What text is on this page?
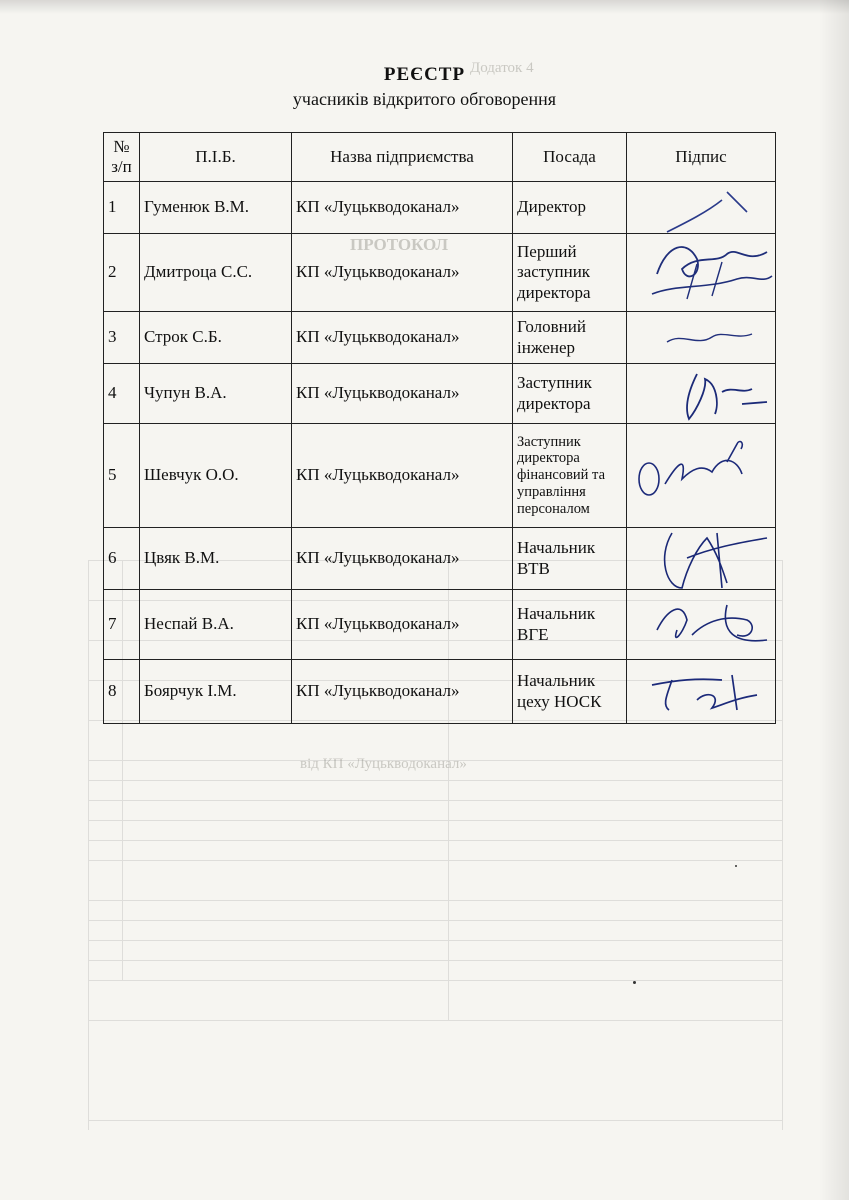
Додаток 4
ПРОТОКОЛ
від КП «Луцькводоканал»
РЕЄСТР
учасників відкритого обговорення
№ з/п	П.І.Б.	Назва підприємства	Посада	Підпис
1	Гуменюк В.М.	КП «Луцькводоканал»	Директор	

2	Дмитроца С.С.	КП «Луцькводоканал»	Перший заступник директора	

3	Строк С.Б.	КП «Луцькводоканал»	Головний інженер	

4	Чупун В.А.	КП «Луцькводоканал»	Заступник директора	

5	Шевчук О.О.	КП «Луцькводоканал»	Заступник директора фінансовий та управління персоналом	

6	Цвяк В.М.	КП «Луцькводоканал»	Начальник ВТВ	

7	Неспай В.А.	КП «Луцькводоканал»	Начальник ВГЕ	

8	Боярчук І.М.	КП «Луцькводоканал»	Начальник цеху НОСК	
